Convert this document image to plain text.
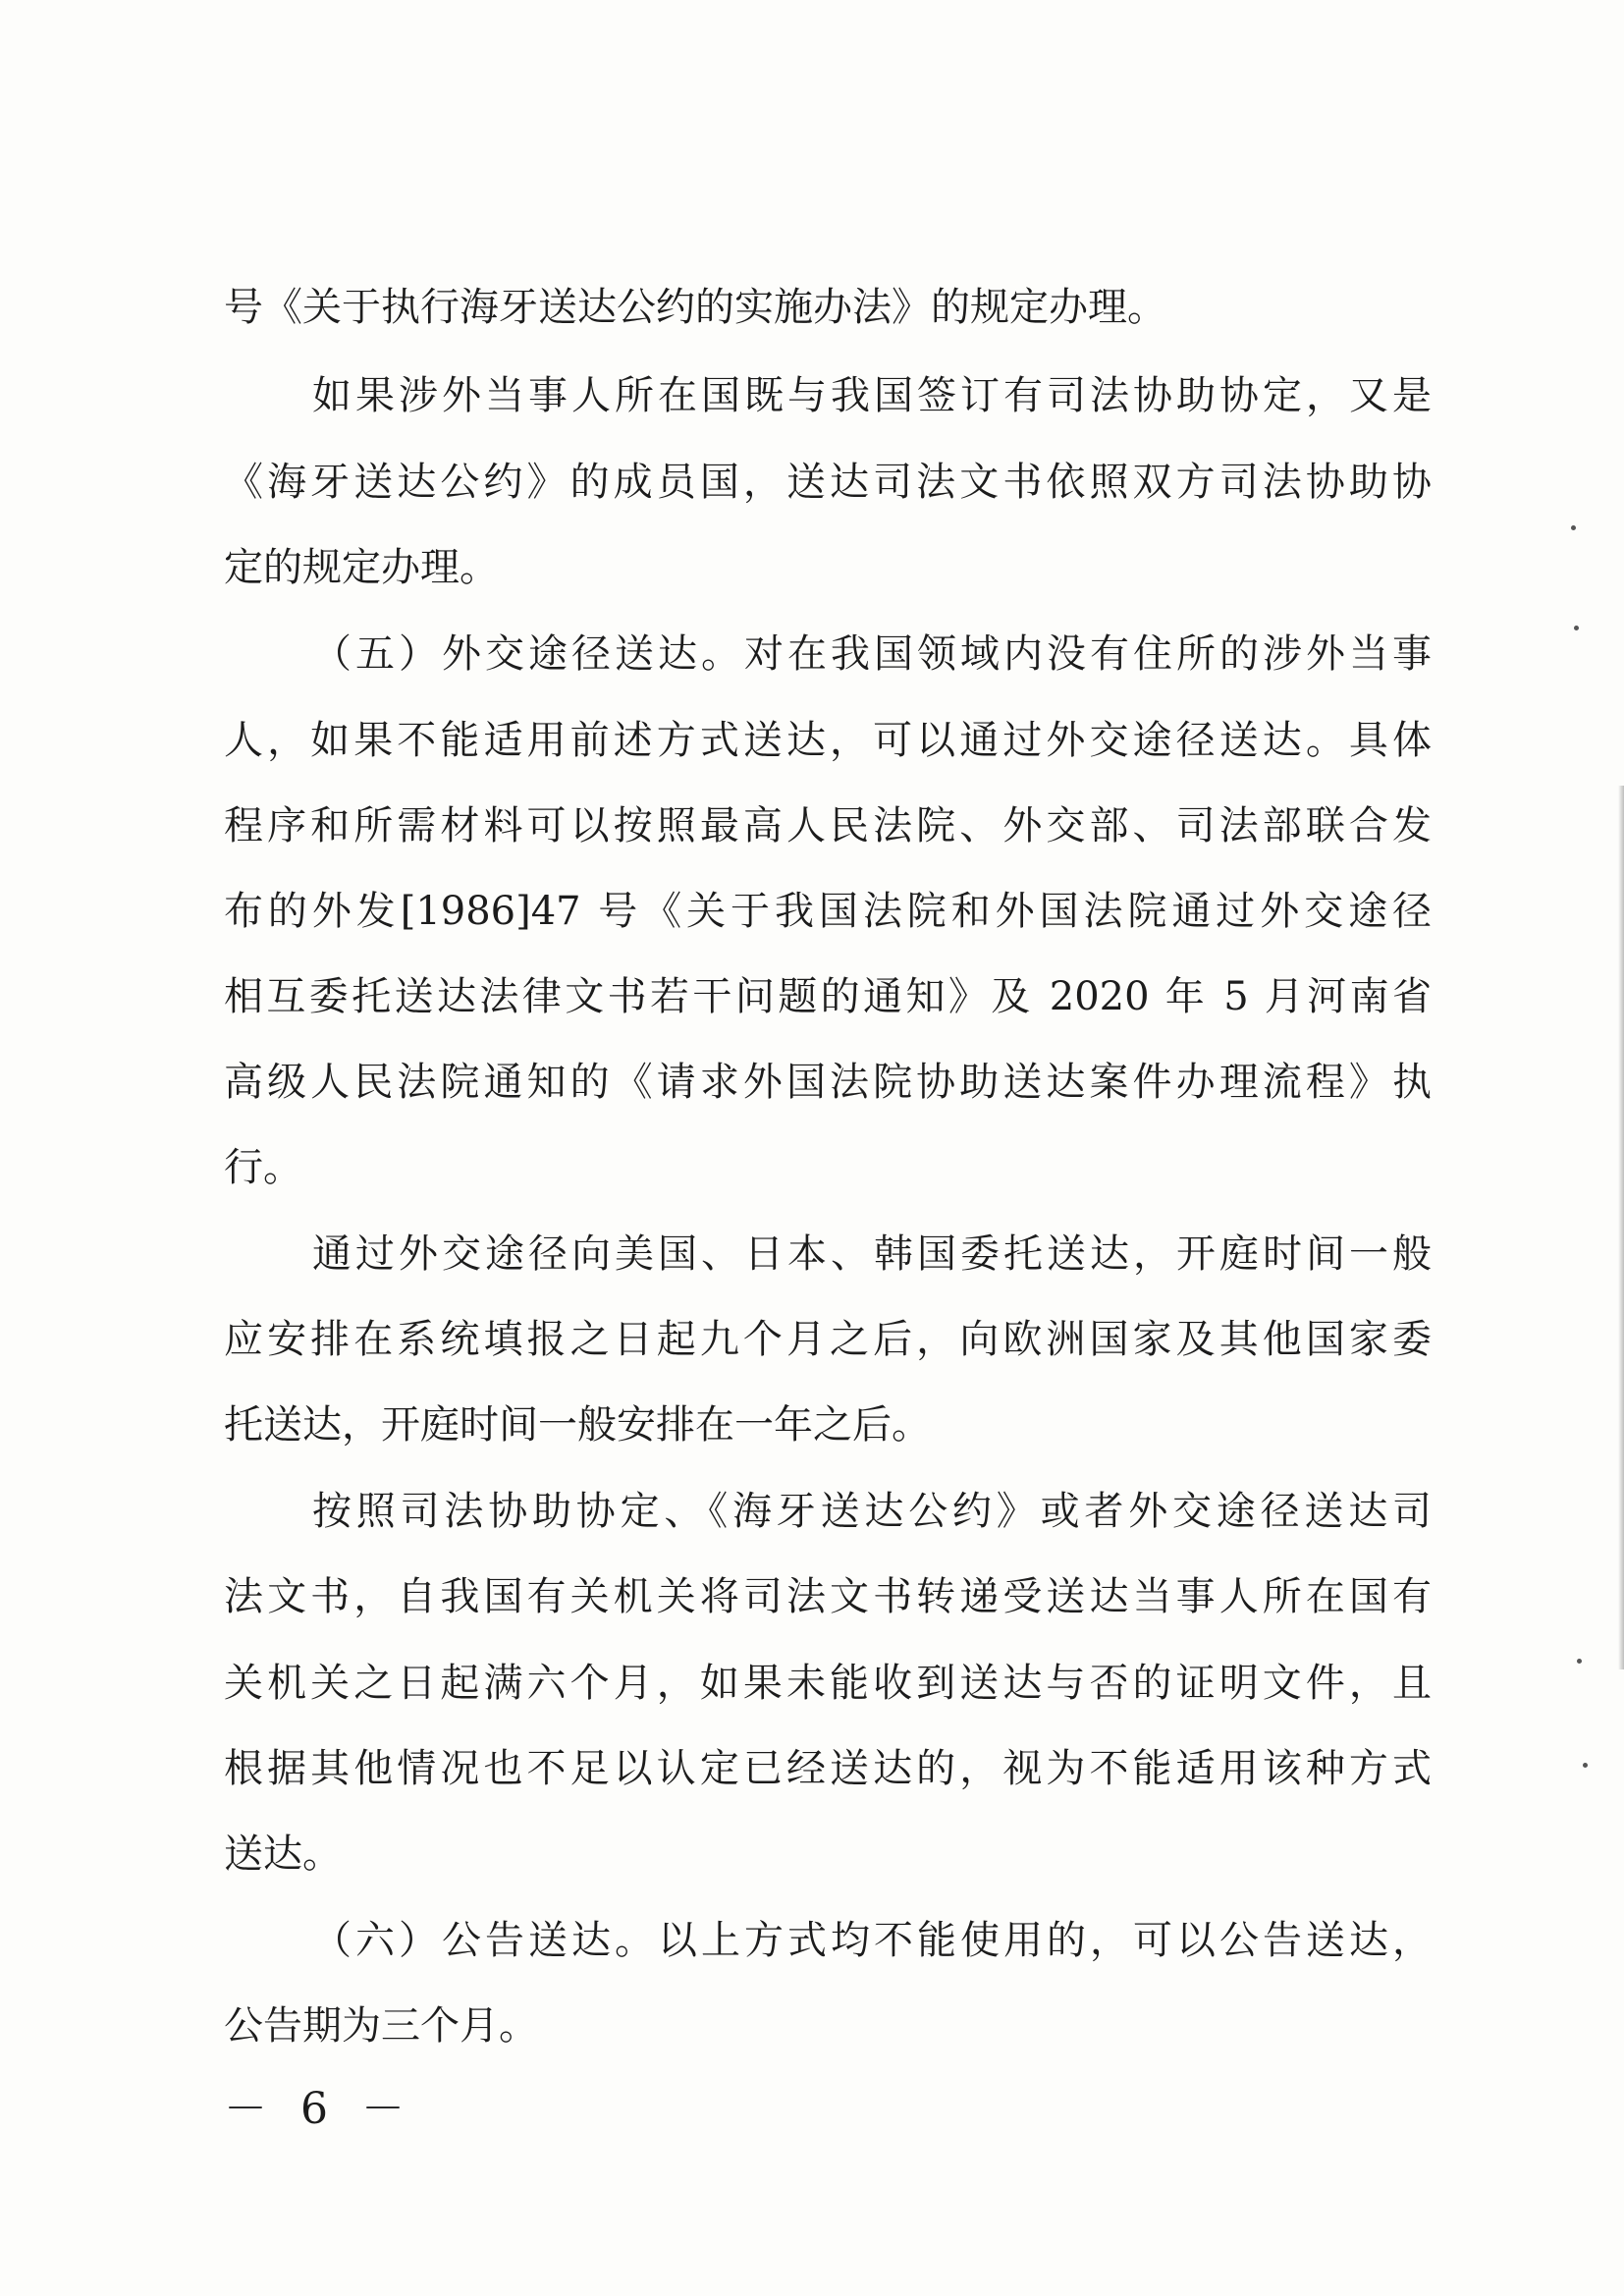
号《关于执行海牙送达公约的实施办法》的规定办理。

如果涉外当事人所在国既与我国签订有司法协助协定，又是

《海牙送达公约》的成员国，送达司法文书依照双方司法协助协

定的规定办理。

（五）外交途径送达。对在我国领域内没有住所的涉外当事

人，如果不能适用前述方式送达，可以通过外交途径送达。具体

程序和所需材料可以按照最高人民法院、外交部、司法部联合发

布的外发[1986]47 号《关于我国法院和外国法院通过外交途径

相互委托送达法律文书若干问题的通知》及 2020 年 5 月河南省

高级人民法院通知的《请求外国法院协助送达案件办理流程》执

行。

通过外交途径向美国、日本、韩国委托送达，开庭时间一般

应安排在系统填报之日起九个月之后，向欧洲国家及其他国家委

托送达，开庭时间一般安排在一年之后。

按照司法协助协定、《海牙送达公约》或者外交途径送达司

法文书，自我国有关机关将司法文书转递受送达当事人所在国有

关机关之日起满六个月，如果未能收到送达与否的证明文件，且

根据其他情况也不足以认定已经送达的，视为不能适用该种方式

送达。

（六）公告送达。以上方式均不能使用的，可以公告送达，

公告期为三个月。

－ 6 －
